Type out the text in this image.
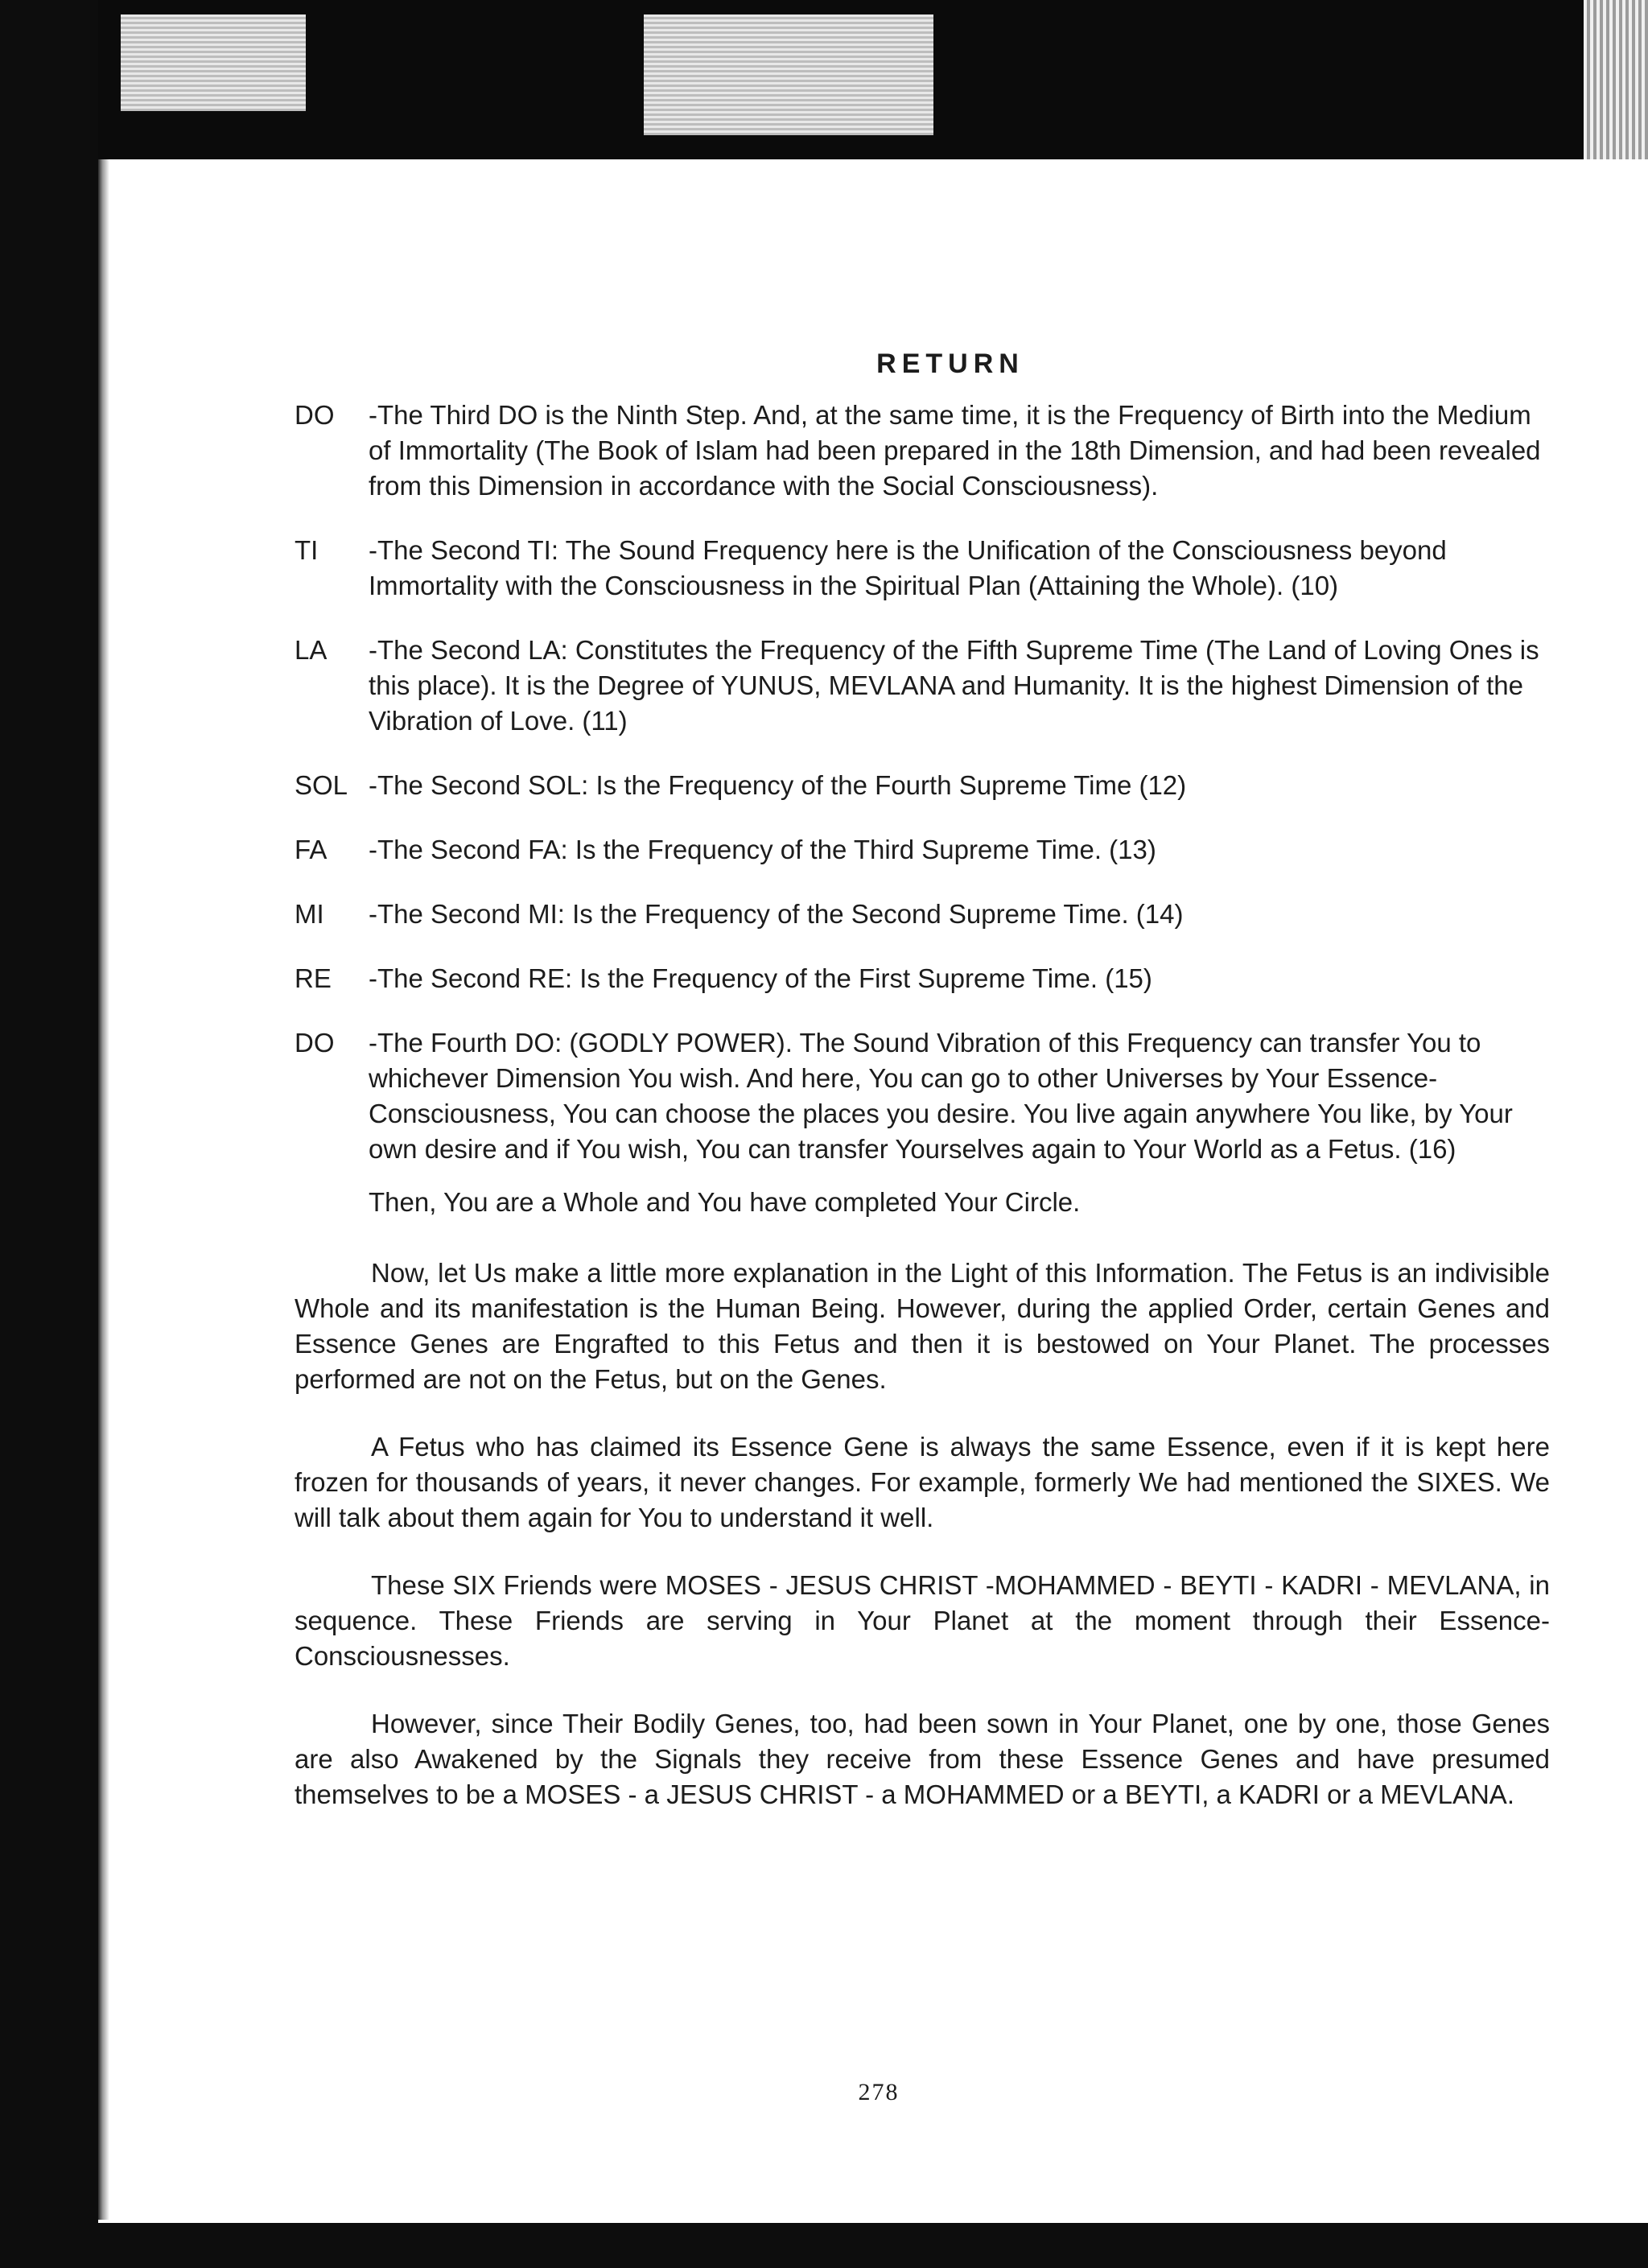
RETURN
DO	-The Third DO is the Ninth Step. And, at the same time, it is the Frequency of Birth into the Medium of Immortality (The Book of Islam had been prepared in the 18th Dimension, and had been revealed from this Dimension in accordance with the Social Consciousness).
TI	-The Second TI: The Sound Frequency here is the Unification of the Consciousness beyond Immortality with the Consciousness in the Spiritual Plan (Attaining the Whole). (10)
LA	-The Second LA: Constitutes the Frequency of the Fifth Supreme Time (The Land of Loving Ones is this place). It is the Degree of YUNUS, MEVLANA and Humanity. It is the highest Dimension of the Vibration of Love. (11)
SOL -The Second SOL: Is the Frequency of the Fourth Supreme Time (12)
FA	-The Second FA: Is the Frequency of the Third Supreme Time. (13)
MI	-The Second MI: Is the Frequency of the Second Supreme Time. (14)
RE	-The Second RE: Is the Frequency of the First Supreme Time. (15)
DO	-The Fourth DO: (GODLY POWER). The Sound Vibration of this Frequency can transfer You to whichever Dimension You wish. And here, You can go to other Universes by Your Essence-Consciousness, You can choose the places you desire. You live again anywhere You like, by Your own desire and if You wish, You can transfer Yourselves again to Your World as a Fetus. (16)

Then, You are a Whole and You have completed Your Circle.

Now, let Us make a little more explanation in the Light of this Information. The Fetus is an indivisible Whole and its manifestation is the Human Being. However, during the applied Order, certain Genes and Essence Genes are Engrafted to this Fetus and then it is bestowed on Your Planet. The processes performed are not on the Fetus, but on the Genes.

A Fetus who has claimed its Essence Gene is always the same Essence, even if it is kept here frozen for thousands of years, it never changes. For example, formerly We had mentioned the SIXES. We will talk about them again for You to understand it well.

These SIX Friends were MOSES - JESUS CHRIST -MOHAMMED - BEYTI - KADRI - MEVLANA, in sequence. These Friends are serving in Your Planet at the moment through their Essence-Consciousnesses.

However, since Their Bodily Genes, too, had been sown in Your Planet, one by one, those Genes are also Awakened by the Signals they receive from these Essence Genes and have presumed themselves to be a MOSES - a JESUS CHRIST - a MOHAMMED or a BEYTI, a KADRI or a MEVLANA.

278
